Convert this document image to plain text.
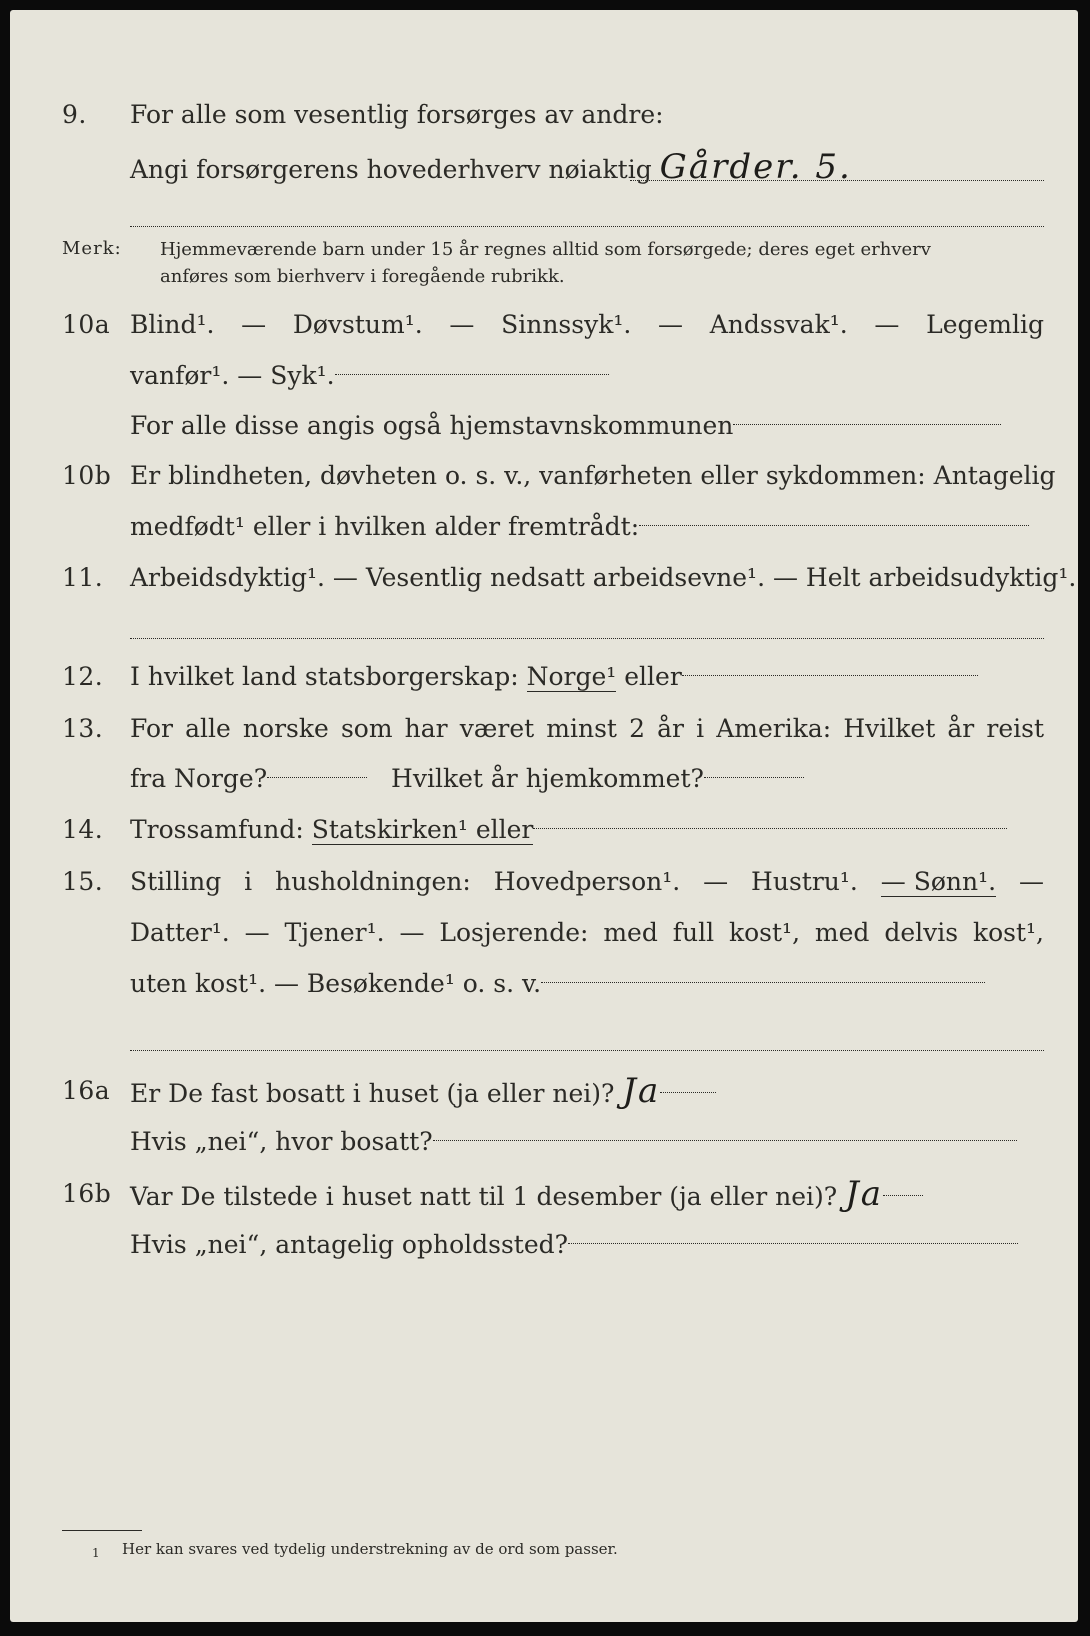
9. For alle som vesentlig forsørges av andre:
Angi forsørgerens hovederhverv nøiaktig Gårder. 5.
Merk: Hjemmeværende barn under 15 år regnes alltid som forsørgede; deres eget erhverv
anføres som bierhverv i foregående rubrikk.
10a Blind¹. — Døvstum¹. — Sinnssyk¹. — Andssvak¹. — Legemlig
vanfør¹. — Syk¹.
For alle disse angis også hjemstavnskommunen
10b Er blindheten, døvheten o. s. v., vanførheten eller sykdommen: Antagelig
medfødt¹ eller i hvilken alder fremtrådt:
11. Arbeidsdyktig¹. — Vesentlig nedsatt arbeidsevne¹. — Helt arbeidsudyktig¹.
12. I hvilket land statsborgerskap: Norge¹ eller
13. For alle norske som har været minst 2 år i Amerika: Hvilket år reist
fra Norge?	Hvilket år hjemkommet?
14. Trossamfund: Statskirken¹ eller
15. Stilling i husholdningen: Hovedperson¹. — Hustru¹. — Sønn¹. —
Datter¹. — Tjener¹. — Losjerende: med full kost¹, med delvis kost¹,
uten kost¹. — Besøkende¹ o. s. v.
16a Er De fast bosatt i huset (ja eller nei)? Ja
Hvis „nei“, hvor bosatt?
16b Var De tilstede i huset natt til 1 desember (ja eller nei)? Ja
Hvis „nei“, antagelig opholdssted?
1 Her kan svares ved tydelig understrekning av de ord som passer.
